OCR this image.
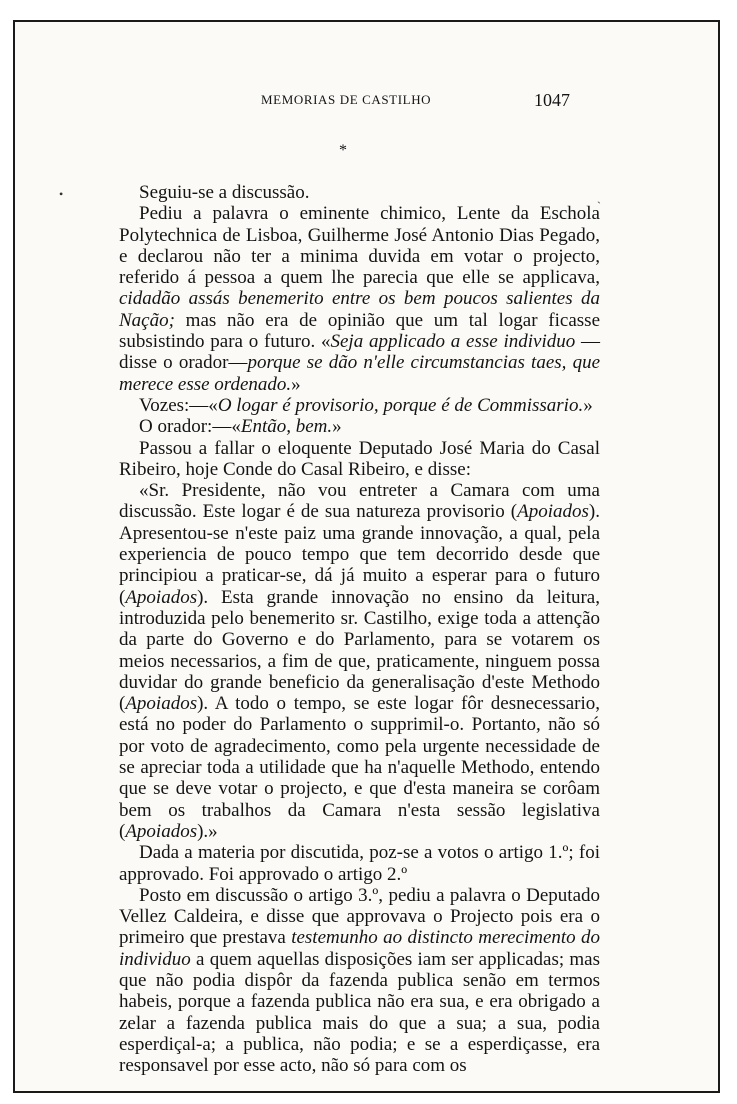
MEMORIAS DE CASTILHO	1047
*
•	ˏ

Seguiu-se a discussão.

Pediu a palavra o eminente chimico, Lente da Eschola Polytechnica de Lisboa, Guilherme José Antonio Dias Pegado, e declarou não ter a minima duvida em votar o projecto, referido á pessoa a quem lhe parecia que elle se applicava, cidadão assás benemerito entre os bem poucos salientes da Nação; mas não era de opinião que um tal logar ficasse subsistindo para o futuro. «Seja applicado a esse individuo —disse o orador—porque se dão n'elle circumstancias taes, que merece esse ordenado.»

Vozes:—«O logar é provisorio, porque é de Commissario.»

O orador:—«Então, bem.»

Passou a fallar o eloquente Deputado José Maria do Casal Ribeiro, hoje Conde do Casal Ribeiro, e disse:

«Sr. Presidente, não vou entreter a Camara com uma discussão. Este logar é de sua natureza provisorio (Apoiados). Apresentou-se n'este paiz uma grande innovação, a qual, pela experiencia de pouco tempo que tem decorrido desde que principiou a praticar-se, dá já muito a esperar para o futuro (Apoiados). Esta grande innovação no ensino da leitura, introduzida pelo benemerito sr. Castilho, exige toda a attenção da parte do Governo e do Parlamento, para se votarem os meios necessarios, a fim de que, praticamente, ninguem possa duvidar do grande beneficio da generalisação d'este Methodo (Apoiados). A todo o tempo, se este logar fôr desnecessario, está no poder do Parlamento o supprimil-o. Portanto, não só por voto de agradecimento, como pela urgente necessidade de se apreciar toda a utilidade que ha n'aquelle Methodo, entendo que se deve votar o projecto, e que d'esta maneira se corôam bem os trabalhos da Camara n'esta sessão legislativa (Apoiados).»

Dada a materia por discutida, poz-se a votos o artigo 1.º; foi approvado. Foi approvado o artigo 2.º

Posto em discussão o artigo 3.º, pediu a palavra o Deputado Vellez Caldeira, e disse que approvava o Projecto pois era o primeiro que prestava testemunho ao distincto merecimento do individuo a quem aquellas disposições iam ser applicadas; mas que não podia dispôr da fazenda publica senão em termos habeis, porque a fazenda publica não era sua, e era obrigado a zelar a fazenda publica mais do que a sua; a sua, podia esperdiçal-a; a publica, não podia; e se a esperdiçasse, era responsavel por esse acto, não só para com os
